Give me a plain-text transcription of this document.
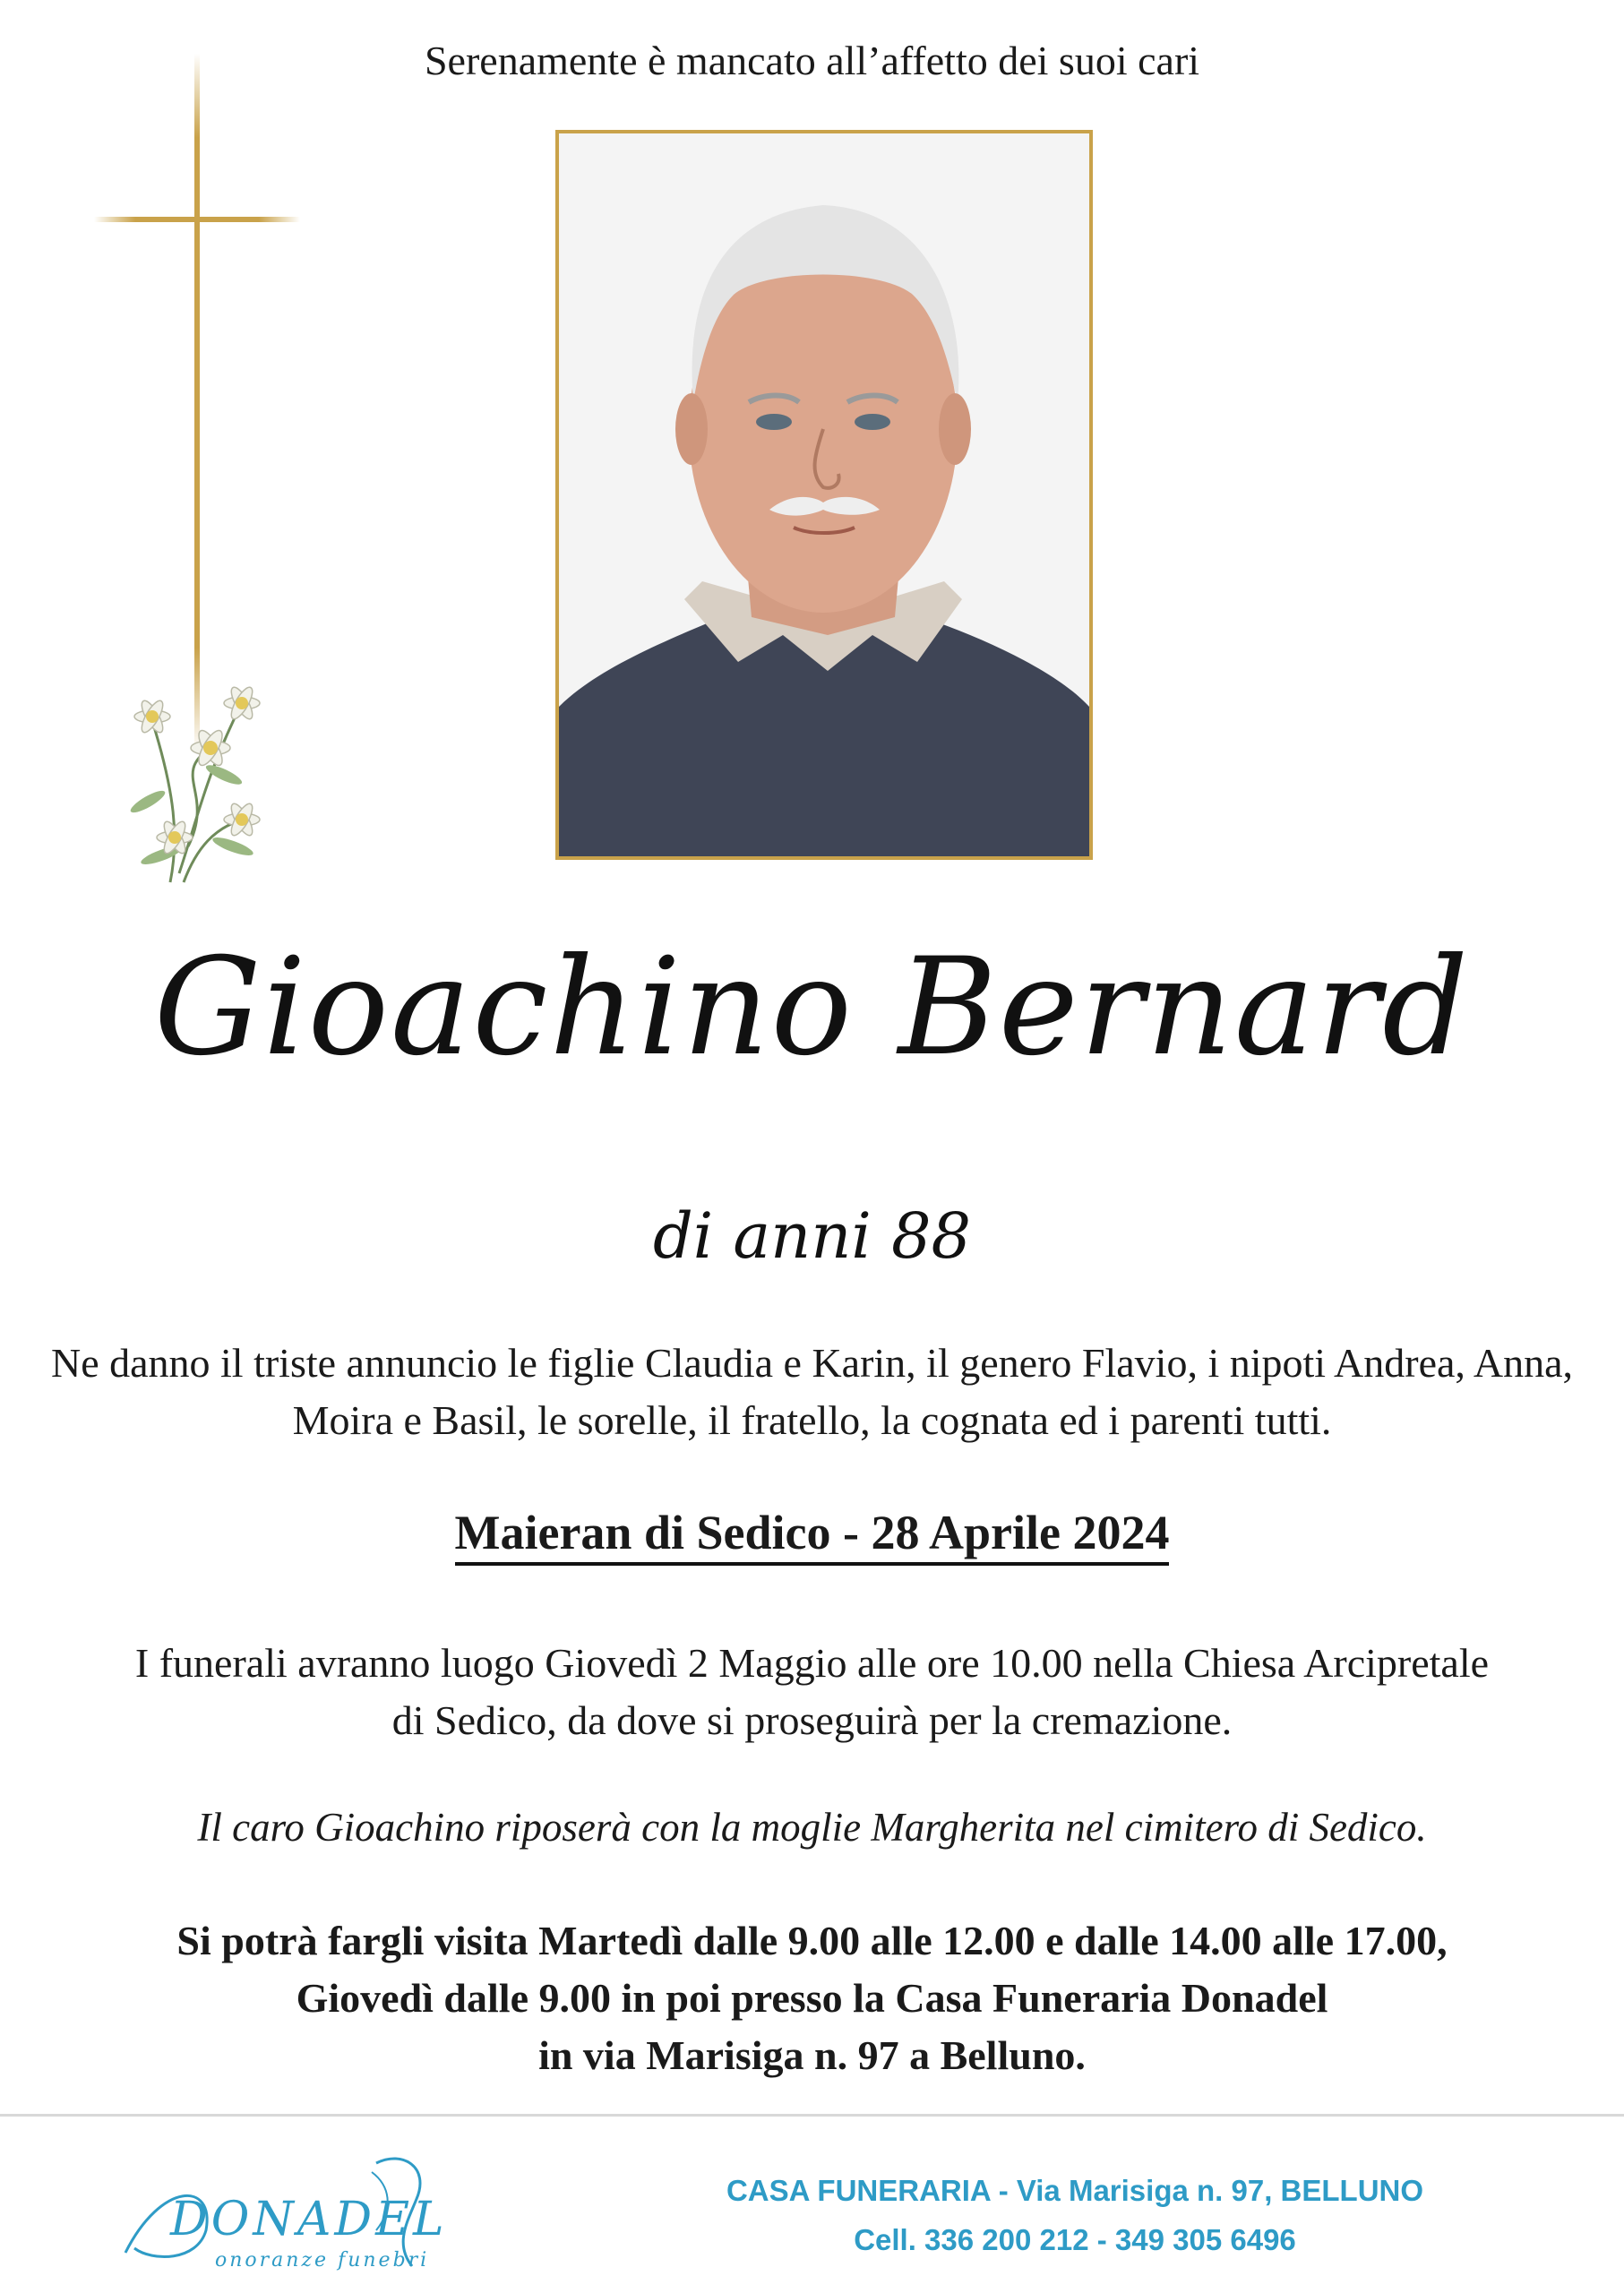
Serenamente è mancato all’affetto dei suoi cari
Gioachino Bernard
di anni 88
Ne danno il triste annuncio le figlie Claudia e Karin, il genero Flavio, i nipoti Andrea, Anna, Moira e Basil, le sorelle, il fratello, la cognata ed i parenti tutti.
Maieran di Sedico - 28 Aprile 2024
I funerali avranno luogo Giovedì 2 Maggio alle ore 10.00 nella Chiesa Arcipretale
di Sedico, da dove si proseguirà per la cremazione.
Il caro Gioachino riposerà con la moglie Margherita nel cimitero di Sedico.
Si potrà fargli visita Martedì dalle 9.00 alle 12.00 e dalle 14.00 alle 17.00,
Giovedì dalle 9.00 in poi presso la Casa Funeraria Donadel
in via Marisiga n. 97 a Belluno.
DONADEL
onoranze funebri
CASA FUNERARIA - Via Marisiga n. 97, BELLUNO
Cell. 336 200 212 - 349 305 6496
